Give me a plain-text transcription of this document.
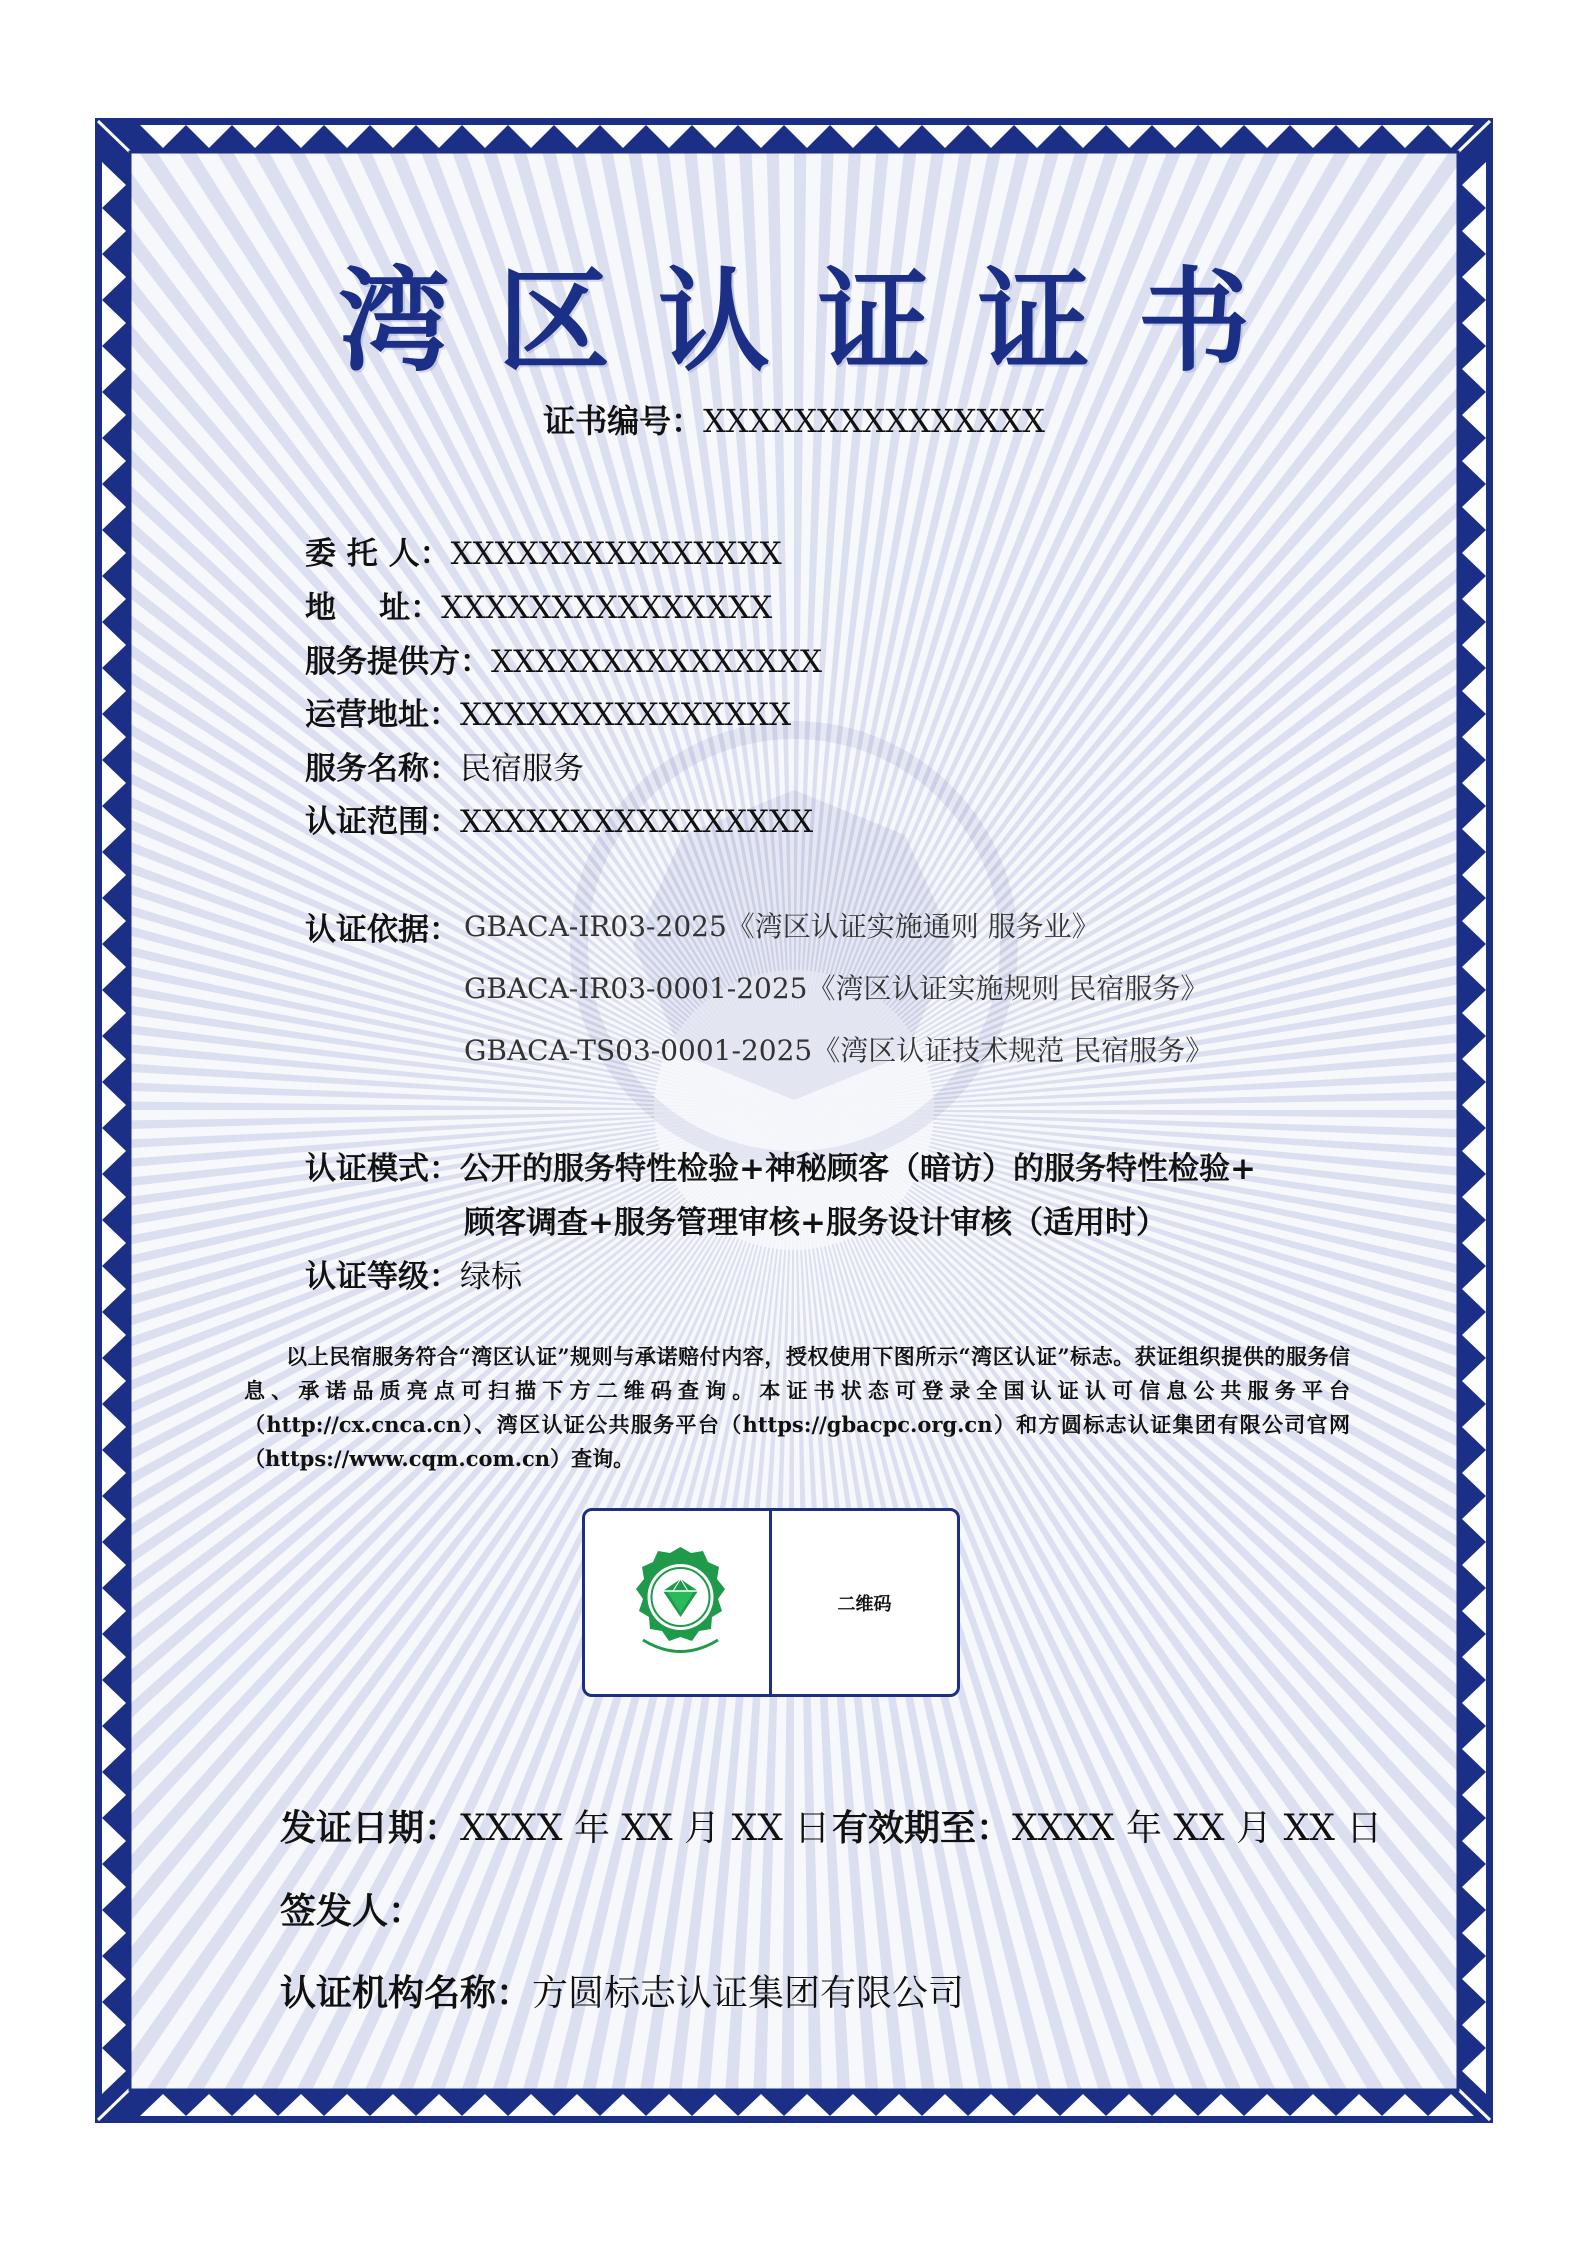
湾区认证证书
证书编号：XXXXXXXXXXXXXXX
委 托 人：XXXXXXXXXXXXXXX
地    址：XXXXXXXXXXXXXXX
服务提供方：XXXXXXXXXXXXXXX
运营地址：XXXXXXXXXXXXXXX
服务名称：民宿服务
认证范围：XXXXXXXXXXXXXXXX
认证依据： GBACA-IR03-2025《湾区认证实施通则 服务业》
GBACA-IR03-0001-2025《湾区认证实施规则 民宿服务》
GBACA-TS03-0001-2025《湾区认证技术规范 民宿服务》
认证模式：公开的服务特性检验+神秘顾客（暗访）的服务特性检验+
顾客调查+服务管理审核+服务设计审核（适用时）
认证等级：绿标
以上民宿服务符合“湾区认证”规则与承诺赔付内容，授权使用下图所示“湾区认证”标志。获证组织提供的服务信息、承诺品质亮点可扫描下方二维码查询。本证书状态可登录全国认证认可信息公共服务平台（http://cx.cnca.cn）、湾区认证公共服务平台（https://gbacpc.org.cn）和方圆标志认证集团有限公司官网（https://www.cqm.com.cn）查询。
二维码
发证日期：XXXX 年 XX 月 XX 日 有效期至：XXXX 年 XX 月 XX 日
签发人：
认证机构名称：方圆标志认证集团有限公司
